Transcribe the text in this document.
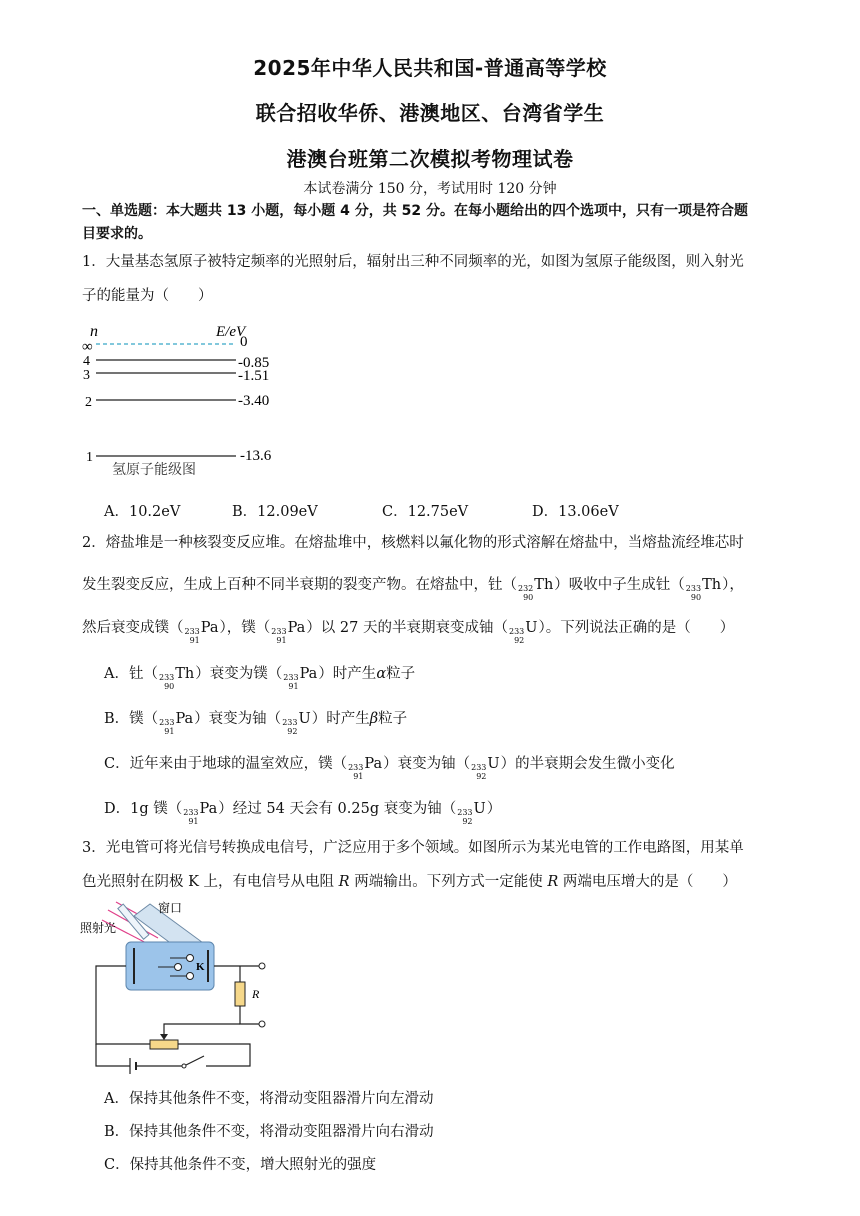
2025年中华人民共和国-普通高等学校
联合招收华侨、港澳地区、台湾省学生
港澳台班第二次模拟考物理试卷
本试卷满分 150 分，考试用时 120 分钟
一、单选题：本大题共 13 小题，每小题 4 分，共 52 分。在每小题给出的四个选项中，只有一项是符合题
目要求的。
1．大量基态氢原子被特定频率的光照射后，辐射出三种不同频率的光，如图为氢原子能级图，则入射光
子的能量为（　　）
n	E/eV
∞
4
3
2
1
0
-0.85
-1.51
-3.40
-13.6
氢原子能级图
A．10.2eV	B．12.09eV	C．12.75eV	D．13.06eV
2．熔盐堆是一种核裂变反应堆。在熔盐堆中，核燃料以氟化物的形式溶解在熔盐中，当熔盐流经堆芯时
发生裂变反应，生成上百种不同半衰期的裂变产物。在熔盐中，钍（ 232
90
Th）吸收中子生成钍（ 233
90
Th），
然后衰变成镤（ 233
91
Pa），镤（ 233
91
Pa）以 27 天的半衰期衰变成铀（ 233
92
U）。下列说法正确的是（　　）
A．钍（ 233
90
Th）衰变为镤（ 233
91
Pa）时产生α粒子
B．镤（ 233
91
Pa）衰变为铀（ 233
92
U）时产生β粒子
C．近年来由于地球的温室效应，镤（ 233
91
Pa）衰变为铀（ 233
92
U）的半衰期会发生微小变化
D．1g 镤（ 233
91
Pa）经过 54 天会有 0.25g 衰变为铀（ 233
92
U）
3．光电管可将光信号转换成电信号，广泛应用于多个领域。如图所示为某光电管的工作电路图，用某单
色光照射在阴极 K 上，有电信号从电阻 R 两端输出。下列方式一定能使 R 两端电压增大的是（　　）
窗口
照射光
K
R
A．保持其他条件不变，将滑动变阻器滑片向左滑动
B．保持其他条件不变，将滑动变阻器滑片向右滑动
C．保持其他条件不变，增大照射光的强度
